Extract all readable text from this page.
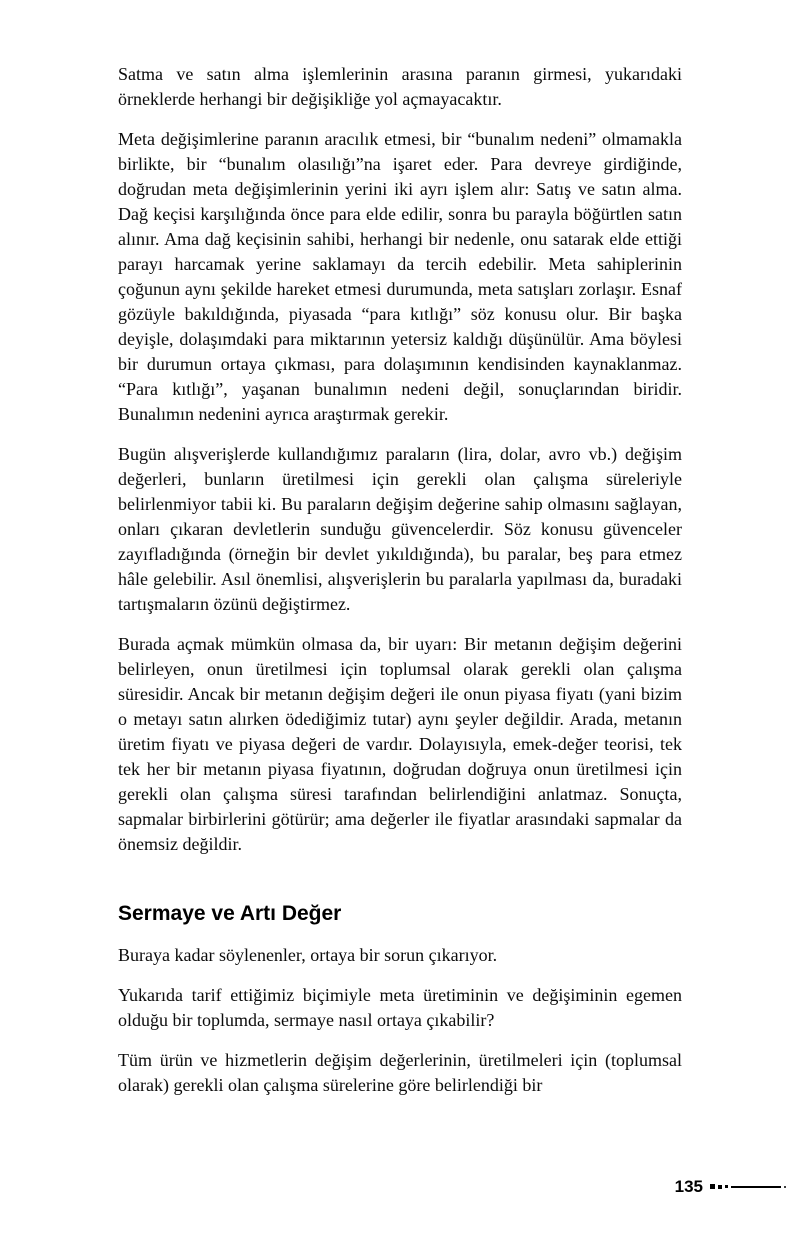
Satma ve satın alma işlemlerinin arasına paranın girmesi, yukarıdaki örneklerde herhangi bir değişikliğe yol açmayacaktır.

Meta değişimlerine paranın aracılık etmesi, bir “bunalım nedeni” olmamakla birlikte, bir “bunalım olasılığı”na işaret eder. Para devreye girdiğinde, doğrudan meta değişimlerinin yerini iki ayrı işlem alır: Satış ve satın alma. Dağ keçisi karşılığında önce para elde edilir, sonra bu parayla böğürtlen satın alınır. Ama dağ keçisinin sahibi, herhangi bir nedenle, onu satarak elde ettiği parayı harcamak yerine saklamayı da tercih edebilir. Meta sahiplerinin çoğunun aynı şekilde hareket etmesi durumunda, meta satışları zorlaşır. Esnaf gözüyle bakıldığında, piyasada “para kıtlığı” söz konusu olur. Bir başka deyişle, dolaşımdaki para miktarının yetersiz kaldığı düşünülür. Ama böylesi bir durumun ortaya çıkması, para dolaşımının kendisinden kaynaklanmaz. “Para kıtlığı”, yaşanan bunalımın nedeni değil, sonuçlarından biridir. Bunalımın nedenini ayrıca araştırmak gerekir.

Bugün alışverişlerde kullandığımız paraların (lira, dolar, avro vb.) değişim değerleri, bunların üretilmesi için gerekli olan çalışma süreleriyle belirlenmiyor tabii ki. Bu paraların değişim değerine sahip olmasını sağlayan, onları çıkaran devletlerin sunduğu güvencelerdir. Söz konusu güvenceler zayıfladığında (örneğin bir devlet yıkıldığında), bu paralar, beş para etmez hâle gelebilir. Asıl önemlisi, alışverişlerin bu paralarla yapılması da, buradaki tartışmaların özünü değiştirmez.

Burada açmak mümkün olmasa da, bir uyarı: Bir metanın değişim değerini belirleyen, onun üretilmesi için toplumsal olarak gerekli olan çalışma süresidir. Ancak bir metanın değişim değeri ile onun piyasa fiyatı (yani bizim o metayı satın alırken ödediğimiz tutar) aynı şeyler değildir. Arada, metanın üretim fiyatı ve piyasa değeri de vardır. Dolayısıyla, emek-değer teorisi, tek tek her bir metanın piyasa fiyatının, doğrudan doğruya onun üretilmesi için gerekli olan çalışma süresi tarafından belirlendiğini anlatmaz. Sonuçta, sapmalar birbirlerini götürür; ama değerler ile fiyatlar arasındaki sapmalar da önemsiz değildir.

Sermaye ve Artı Değer

Buraya kadar söylenenler, ortaya bir sorun çıkarıyor.

Yukarıda tarif ettiğimiz biçimiyle meta üretiminin ve değişiminin egemen olduğu bir toplumda, sermaye nasıl ortaya çıkabilir?

Tüm ürün ve hizmetlerin değişim değerlerinin, üretilmeleri için (toplumsal olarak) gerekli olan çalışma sürelerine göre belirlendiği bir

135
